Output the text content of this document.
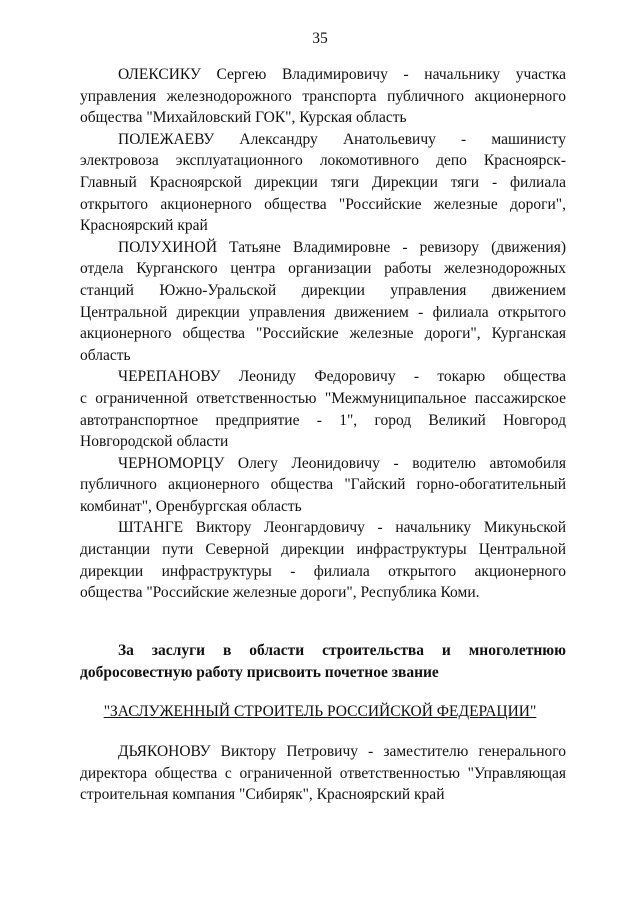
35
ОЛЕКСИКУ Сергею Владимировичу - начальнику участка
управления железнодорожного транспорта публичного акционерного
общества "Михайловский ГОК", Курская область
ПОЛЕЖАЕВУ Александру Анатольевичу - машинисту
электровоза эксплуатационного локомотивного депо Красноярск-
Главный Красноярской дирекции тяги Дирекции тяги - филиала
открытого акционерного общества "Российские железные дороги",
Красноярский край
ПОЛУХИНОЙ Татьяне Владимировне - ревизору (движения)
отдела Курганского центра организации работы железнодорожных
станций Южно-Уральской дирекции управления движением
Центральной дирекции управления движением - филиала открытого
акционерного общества "Российские железные дороги", Курганская
область
ЧЕРЕПАНОВУ Леониду Федоровичу - токарю общества
с ограниченной ответственностью "Межмуниципальное пассажирское
автотранспортное предприятие - 1", город Великий Новгород
Новгородской области
ЧЕРНОМОРЦУ Олегу Леонидовичу - водителю автомобиля
публичного акционерного общества "Гайский горно-обогатительный
комбинат", Оренбургская область
ШТАНГЕ Виктору Леонгардовичу - начальнику Микуньской
дистанции пути Северной дирекции инфраструктуры Центральной
дирекции инфраструктуры - филиала открытого акционерного
общества "Российские железные дороги", Республика Коми.
За заслуги в области строительства и многолетнюю
добросовестную работу присвоить почетное звание
"ЗАСЛУЖЕННЫЙ СТРОИТЕЛЬ РОССИЙСКОЙ ФЕДЕРАЦИИ"
ДЬЯКОНОВУ Виктору Петровичу - заместителю генерального
директора общества с ограниченной ответственностью "Управляющая
строительная компания "Сибиряк", Красноярский край
